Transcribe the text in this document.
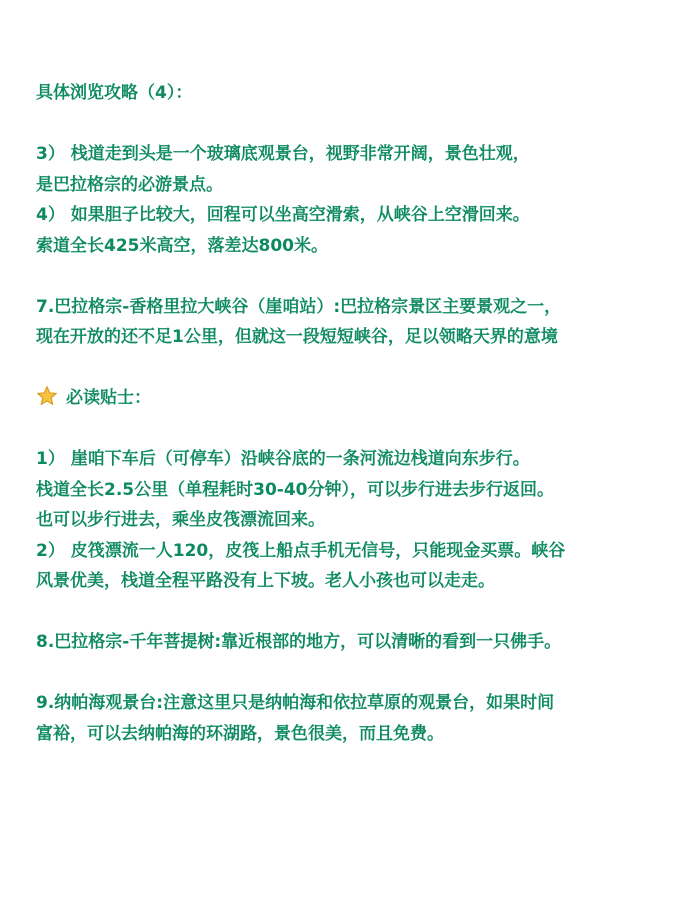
具体浏览攻略（4）：
3） 栈道走到头是一个玻璃底观景台，视野非常开阔，景色壮观，
是巴拉格宗的必游景点。
4） 如果胆子比较大，回程可以坐高空滑索，从峡谷上空滑回来。
索道全长425米高空，落差达800米。
7.巴拉格宗-香格里拉大峡谷（崖咱站）:巴拉格宗景区主要景观之一，
现在开放的还不足1公里，但就这一段短短峡谷，足以领略天界的意境
必读贴士：
1） 崖咱下车后（可停车）沿峡谷底的一条河流边栈道向东步行。
栈道全长2.5公里（单程耗时30-40分钟），可以步行进去步行返回。
也可以步行进去，乘坐皮筏漂流回来。
2） 皮筏漂流一人120，皮筏上船点手机无信号，只能现金买票。峡谷
风景优美，栈道全程平路没有上下坡。老人小孩也可以走走。
8.巴拉格宗-千年菩提树:靠近根部的地方，可以清晰的看到一只佛手。
9.纳帕海观景台:注意这里只是纳帕海和依拉草原的观景台，如果时间
富裕，可以去纳帕海的环湖路，景色很美，而且免费。
